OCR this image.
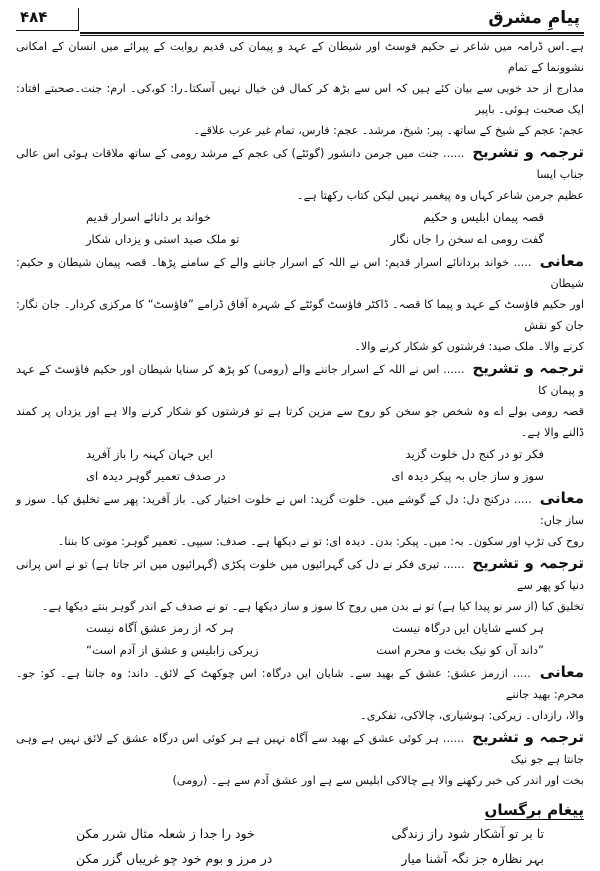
پیامِ مشرق
۴۸۴

ہے۔اس ڈرامہ میں شاعر نے حکیم فوسٹ اور شیطان کے عہد و پیمان کی قدیم روایت کے پیرائے میں انسان کے امکانی نشوونما کے تمام

مدارج از حد خوبی سے بیان کئے ہیں کہ اس سے بڑھ کر کمال فن خیال نہیں آسکتا۔را: کو،کی۔ ارم: جنت۔صحبتے افتاد: ایک صحبت ہوئی۔ باپیر

عجم: عجم کے شیخ کے ساتھ۔ پیر: شیخ، مرشد۔ عجم: فارس، تمام غیر عرب علاقے۔

ترجمہ و تشریح ...... جنت میں جرمن دانشور (گوئٹے) کی عجم کے مرشد رومی کے ساتھ ملاقات ہوئی اس عالی جناب ایسا

عظیم جرمن شاعر کہاں وہ پیغمبر نہیں لیکن کتاب رکھتا ہے۔

قصہ پیمان ابلیس و حکیم
خواند بر دانائے اسرار قدیم
گفت رومی اے سخن را جاں نگار
تو ملک صید استی و یزداں شکار

معانی ..... خواند بردانائے اسرار قدیم: اس نے اللہ کے اسرار جاننے والے کے سامنے پڑھا۔ قصہ پیمان شیطان و حکیم: شیطان

اور حکیم فاؤسٹ کے عہد و پیما کا قصہ۔ ڈاکٹر فاؤسٹ گوئٹے کے شہرہ آفاق ڈرامے ”فاؤسٹ“ کا مرکزی کردار۔ جان نگار: جان کو نقش

کرنے والا۔ ملک صید: فرشتوں کو شکار کرنے والا۔

ترجمہ و تشریح ...... اس نے اللہ کے اسرار جاننے والے (رومی) کو پڑھ کر سنایا شیطان اور حکیم فاؤسٹ کے عہد و پیمان کا

قصہ رومی بولے اے وہ شخص جو سخن کو روح سے مزین کرتا ہے تو فرشتوں کو شکار کرنے والا ہے اور یزداں پر کمند ڈالنے والا ہے۔

فکر تو در کنج دل خلوت گزید
ایں جہان کہنہ را باز آفرید
سوز و ساز جاں بہ پیکر دیدہ ای
در صدف تعمیر گوہر دیدہ ای

معانی ..... درکنج دل: دل کے گوشے میں۔ خلوت گزید: اس نے خلوت اختیار کی۔ باز آفرید: پھر سے تخلیق کیا۔ سوز و ساز جاں:

روح کی تڑپ اور سکون۔ بہ: میں۔ پیکر: بدن۔ دیدہ ای: تو نے دیکھا ہے۔ صدف: سیپی۔ تعمیر گوہر: موتی کا بننا۔

ترجمہ و تشریح ...... تیری فکر نے دل کی گہرائیوں میں خلوت پکڑی (گہرائیوں میں اتر جاتا ہے) تو نے اس پرانی دنیا کو پھر سے

تخلیق کیا (از سر نو پیدا کیا ہے) تو نے بدن میں روح کا سوز و ساز دیکھا ہے۔ تو نے صدف کے اندر گوہر بنتے دیکھا ہے۔

ہر کسے شایان ایں درگاہ نیست
ہر کہ از رمز عشق آگاہ نیست
”داند آں کو نیک بخت و محرم است
زیرکی زابلیس و عشق از آدم است“

معانی ..... ازرمز عشق: عشق کے بھید سے۔ شایان ایں درگاہ: اس چوکھٹ کے لائق۔ داند: وہ جانتا ہے۔ کو: جو۔ محرم: بھید جاننے

والا، رازداں۔ زیرکی: ہوشیاری، چالاکی، تفکری۔

ترجمہ و تشریح ...... ہر کوئی عشق کے بھید سے آگاہ نہیں ہے ہر کوئی اس درگاہ عشق کے لائق نہیں ہے وہی جانتا ہے جو نیک

بخت اور اندر کی خبر رکھنے والا ہے چالاکی ابلیس سے ہے اور عشق آدم سے ہے۔ (رومی)

پیغام برگساں
تا بر تو آشکار شود راز زندگی
خود را جدا ز شعلہ مثال شرر مکن
بہر نظارہ جز نگہ آشنا میار
در مرز و بوم خود چو غریباں گزر مکن
